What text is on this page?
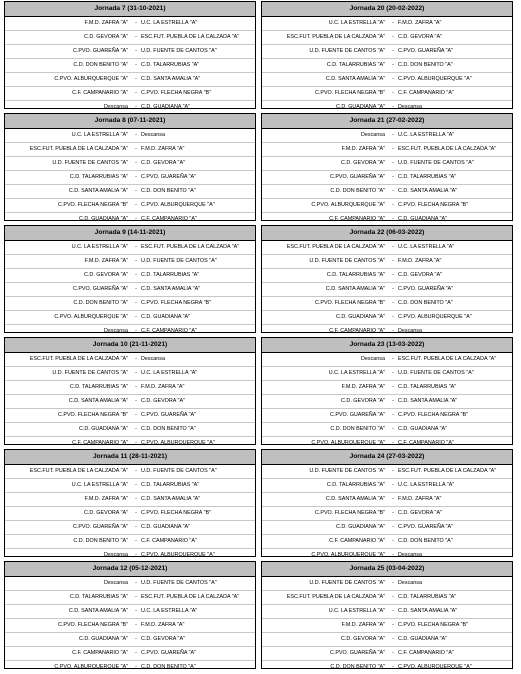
Jornada 7 (31-10-2021)
F.M.D. ZAFRA "A"	- U.C. LA ESTRELLA "A"
C.D. GEVORA "A"	- ESC.FUT. PUEBLA DE LA CALZADA "A"
C.PVO. GUAREÑA "A"	- U.D. FUENTE DE CANTOS "A"
C.D. DON BENITO "A"	- C.D. TALARRUBIAS "A"
C.PVO. ALBURQUERQUE "A"	- C.D. SANTA AMALIA "A"
C.F. CAMPANARIO "A"	- C.PVO. FLECHA NEGRA "B"
Descansa	- C.D. GUADIANA "A"
Jornada 20 (20-02-2022)
U.C. LA ESTRELLA "A"	- F.M.D. ZAFRA "A"
ESC.FUT. PUEBLA DE LA CALZADA "A"	- C.D. GEVORA "A"
U.D. FUENTE DE CANTOS "A"	- C.PVO. GUAREÑA "A"
C.D. TALARRUBIAS "A"	- C.D. DON BENITO "A"
C.D. SANTA AMALIA "A"	- C.PVO. ALBURQUERQUE "A"
C.PVO. FLECHA NEGRA "B"	- C.F. CAMPANARIO "A"
C.D. GUADIANA "A"	- Descansa
Jornada 8 (07-11-2021)
U.C. LA ESTRELLA "A"	- Descansa
ESC.FUT. PUEBLA DE LA CALZADA "A"	- F.M.D. ZAFRA "A"
U.D. FUENTE DE CANTOS "A"	- C.D. GEVORA "A"
C.D. TALARRUBIAS "A"	- C.PVO. GUAREÑA "A"
C.D. SANTA AMALIA "A"	- C.D. DON BENITO "A"
C.PVO. FLECHA NEGRA "B"	- C.PVO. ALBURQUERQUE "A"
C.D. GUADIANA "A"	- C.F. CAMPANARIO "A"
Jornada 21 (27-02-2022)
Descansa	- U.C. LA ESTRELLA "A"
F.M.D. ZAFRA "A"	- ESC.FUT. PUEBLA DE LA CALZADA "A"
C.D. GEVORA "A"	- U.D. FUENTE DE CANTOS "A"
C.PVO. GUAREÑA "A"	- C.D. TALARRUBIAS "A"
C.D. DON BENITO "A"	- C.D. SANTA AMALIA "A"
C.PVO. ALBURQUERQUE "A"	- C.PVO. FLECHA NEGRA "B"
C.F. CAMPANARIO "A"	- C.D. GUADIANA "A"
Jornada 9 (14-11-2021)
U.C. LA ESTRELLA "A"	- ESC.FUT. PUEBLA DE LA CALZADA "A"
F.M.D. ZAFRA "A"	- U.D. FUENTE DE CANTOS "A"
C.D. GEVORA "A"	- C.D. TALARRUBIAS "A"
C.PVO. GUAREÑA "A"	- C.D. SANTA AMALIA "A"
C.D. DON BENITO "A"	- C.PVO. FLECHA NEGRA "B"
C.PVO. ALBURQUERQUE "A"	- C.D. GUADIANA "A"
Descansa	- C.F. CAMPANARIO "A"
Jornada 22 (06-03-2022)
ESC.FUT. PUEBLA DE LA CALZADA "A"	- U.C. LA ESTRELLA "A"
U.D. FUENTE DE CANTOS "A"	- F.M.D. ZAFRA "A"
C.D. TALARRUBIAS "A"	- C.D. GEVORA "A"
C.D. SANTA AMALIA "A"	- C.PVO. GUAREÑA "A"
C.PVO. FLECHA NEGRA "B"	- C.D. DON BENITO "A"
C.D. GUADIANA "A"	- C.PVO. ALBURQUERQUE "A"
C.F. CAMPANARIO "A"	- Descansa
Jornada 10 (21-11-2021)
ESC.FUT. PUEBLA DE LA CALZADA "A"	- Descansa
U.D. FUENTE DE CANTOS "A"	- U.C. LA ESTRELLA "A"
C.D. TALARRUBIAS "A"	- F.M.D. ZAFRA "A"
C.D. SANTA AMALIA "A"	- C.D. GEVORA "A"
C.PVO. FLECHA NEGRA "B"	- C.PVO. GUAREÑA "A"
C.D. GUADIANA "A"	- C.D. DON BENITO "A"
C.F. CAMPANARIO "A"	- C.PVO. ALBURQUERQUE "A"
Jornada 23 (13-03-2022)
Descansa	- ESC.FUT. PUEBLA DE LA CALZADA "A"
U.C. LA ESTRELLA "A"	- U.D. FUENTE DE CANTOS "A"
F.M.D. ZAFRA "A"	- C.D. TALARRUBIAS "A"
C.D. GEVORA "A"	- C.D. SANTA AMALIA "A"
C.PVO. GUAREÑA "A"	- C.PVO. FLECHA NEGRA "B"
C.D. DON BENITO "A"	- C.D. GUADIANA "A"
C.PVO. ALBURQUERQUE "A"	- C.F. CAMPANARIO "A"
Jornada 11 (28-11-2021)
ESC.FUT. PUEBLA DE LA CALZADA "A"	- U.D. FUENTE DE CANTOS "A"
U.C. LA ESTRELLA "A"	- C.D. TALARRUBIAS "A"
F.M.D. ZAFRA "A"	- C.D. SANTA AMALIA "A"
C.D. GEVORA "A"	- C.PVO. FLECHA NEGRA "B"
C.PVO. GUAREÑA "A"	- C.D. GUADIANA "A"
C.D. DON BENITO "A"	- C.F. CAMPANARIO "A"
Descansa	- C.PVO. ALBURQUERQUE "A"
Jornada 24 (27-03-2022)
U.D. FUENTE DE CANTOS "A"	- ESC.FUT. PUEBLA DE LA CALZADA "A"
C.D. TALARRUBIAS "A"	- U.C. LA ESTRELLA "A"
C.D. SANTA AMALIA "A"	- F.M.D. ZAFRA "A"
C.PVO. FLECHA NEGRA "B"	- C.D. GEVORA "A"
C.D. GUADIANA "A"	- C.PVO. GUAREÑA "A"
C.F. CAMPANARIO "A"	- C.D. DON BENITO "A"
C.PVO. ALBURQUERQUE "A"	- Descansa
Jornada 12 (05-12-2021)
Descansa	- U.D. FUENTE DE CANTOS "A"
C.D. TALARRUBIAS "A"	- ESC.FUT. PUEBLA DE LA CALZADA "A"
C.D. SANTA AMALIA "A"	- U.C. LA ESTRELLA "A"
C.PVO. FLECHA NEGRA "B"	- F.M.D. ZAFRA "A"
C.D. GUADIANA "A"	- C.D. GEVORA "A"
C.F. CAMPANARIO "A"	- C.PVO. GUAREÑA "A"
C.PVO. ALBURQUERQUE "A"	- C.D. DON BENITO "A"
Jornada 25 (03-04-2022)
U.D. FUENTE DE CANTOS "A"	- Descansa
ESC.FUT. PUEBLA DE LA CALZADA "A"	- C.D. TALARRUBIAS "A"
U.C. LA ESTRELLA "A"	- C.D. SANTA AMALIA "A"
F.M.D. ZAFRA "A"	- C.PVO. FLECHA NEGRA "B"
C.D. GEVORA "A"	- C.D. GUADIANA "A"
C.PVO. GUAREÑA "A"	- C.F. CAMPANARIO "A"
C.D. DON BENITO "A"	- C.PVO. ALBURQUERQUE "A"
